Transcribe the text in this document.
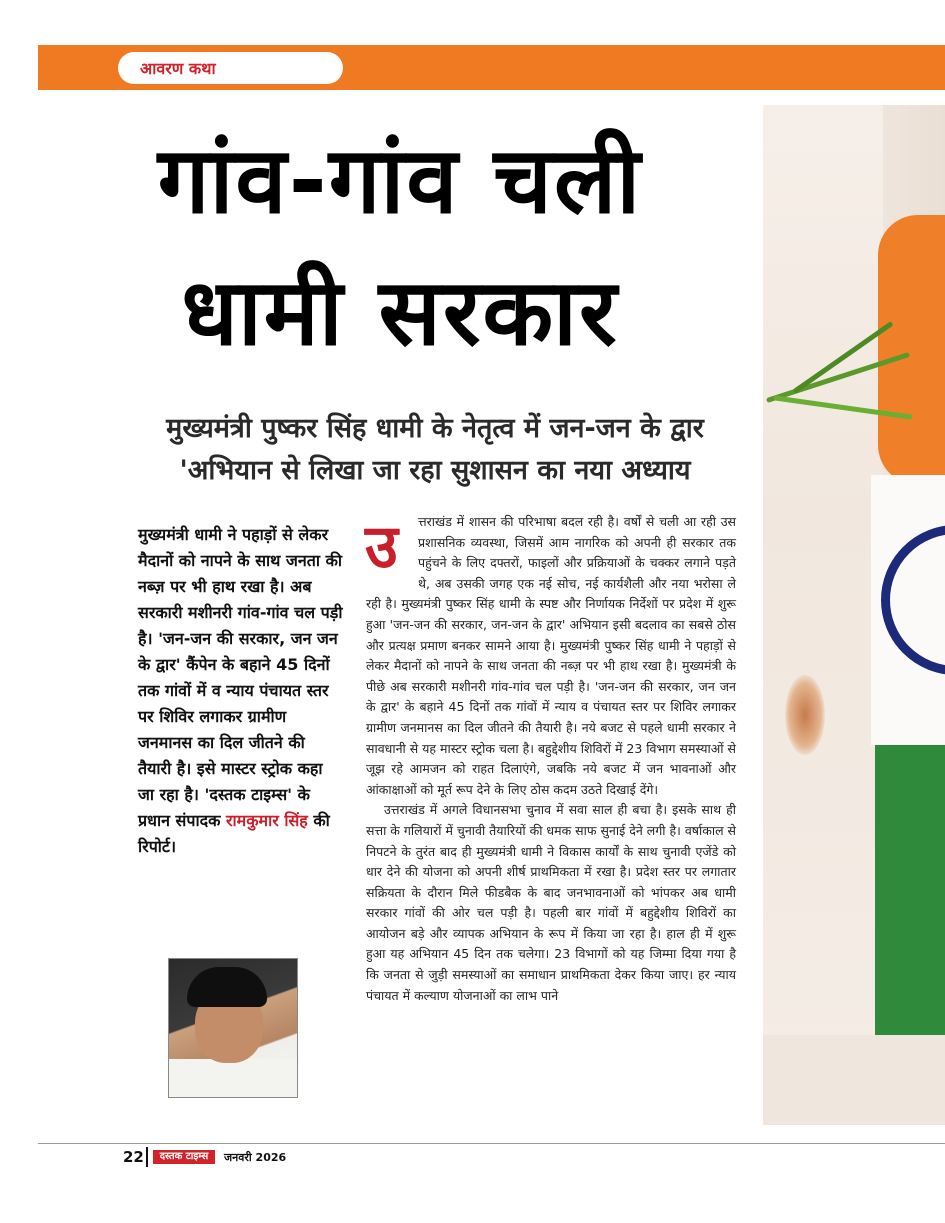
आवरण कथा
गांव-गांव चली
धामी सरकार
मुख्यमंत्री पुष्कर सिंह धामी के नेतृत्व में जन-जन के द्वार
'अभियान से लिखा जा रहा सुशासन का नया अध्याय
मुख्यमंत्री धामी ने पहाड़ों से लेकर मैदानों को नापने के साथ जनता की नब्ज़ पर भी हाथ रखा है। अब सरकारी मशीनरी गांव-गांव चल पड़ी है। 'जन-जन की सरकार, जन जन के द्वार' कैंपेन के बहाने 45 दिनों तक गांवों में व न्याय पंचायत स्तर पर शिविर लगाकर ग्रामीण जनमानस का दिल जीतने की तैयारी है। इसे मास्टर स्ट्रोक कहा जा रहा है। 'दस्तक टाइम्स' के प्रधान संपादक रामकुमार सिंह की रिपोर्ट।
उ	त्तराखंड में शासन की परिभाषा बदल रही है। वर्षों से चली आ रही उस प्रशासनिक व्यवस्था, जिसमें आम नागरिक को अपनी ही सरकार तक पहुंचने के लिए दफ्तरों, फाइलों और प्रक्रियाओं के चक्कर लगाने पड़ते थे, अब उसकी जगह एक नई सोच, नई कार्यशैली और नया भरोसा ले रही है। मुख्यमंत्री पुष्कर सिंह धामी के स्पष्ट और निर्णायक निर्देशों पर प्रदेश में शुरू हुआ 'जन-जन की सरकार, जन-जन के द्वार' अभियान इसी बदलाव का सबसे ठोस और प्रत्यक्ष प्रमाण बनकर सामने आया है। मुख्यमंत्री पुष्कर सिंह धामी ने पहाड़ों से लेकर मैदानों को नापने के साथ जनता की नब्ज़ पर भी हाथ रखा है। मुख्यमंत्री के पीछे अब सरकारी मशीनरी गांव-गांव चल पड़ी है। 'जन-जन की सरकार, जन जन के द्वार' के बहाने 45 दिनों तक गांवों में न्याय व पंचायत स्तर पर शिविर लगाकर ग्रामीण जनमानस का दिल जीतने की तैयारी है। नये बजट से पहले धामी सरकार ने सावधानी से यह मास्टर स्ट्रोक चला है। बहुद्देशीय शिविरों में 23 विभाग समस्याओं से जूझ रहे आमजन को राहत दिलाएंगे, जबकि नये बजट में जन भावनाओं और आंकाक्षाओं को मूर्त रूप देने के लिए ठोस कदम उठते दिखाई देंगे।

उत्तराखंड में अगले विधानसभा चुनाव में सवा साल ही बचा है। इसके साथ ही सत्ता के गलियारों में चुनावी तैयारियों की धमक साफ सुनाई देने लगी है। वर्षाकाल से निपटने के तुरंत बाद ही मुख्यमंत्री धामी ने विकास कार्यों के साथ चुनावी एजेंडे को धार देने की योजना को अपनी शीर्ष प्राथमिकता में रखा है। प्रदेश स्तर पर लगातार सक्रियता के दौरान मिले फीडबैक के बाद जनभावनाओं को भांपकर अब धामी सरकार गांवों की ओर चल पड़ी है। पहली बार गांवों में बहुद्देशीय शिविरों का आयोजन बड़े और व्यापक अभियान के रूप में किया जा रहा है। हाल ही में शुरू हुआ यह अभियान 45 दिन तक चलेगा। 23 विभागों को यह जिम्मा दिया गया है कि जनता से जुड़ी समस्याओं का समाधान प्राथमिकता देकर किया जाए। हर न्याय पंचायत में कल्याण योजनाओं का लाभ पाने

22	दस्तक टाइम्स	जनवरी 2026
